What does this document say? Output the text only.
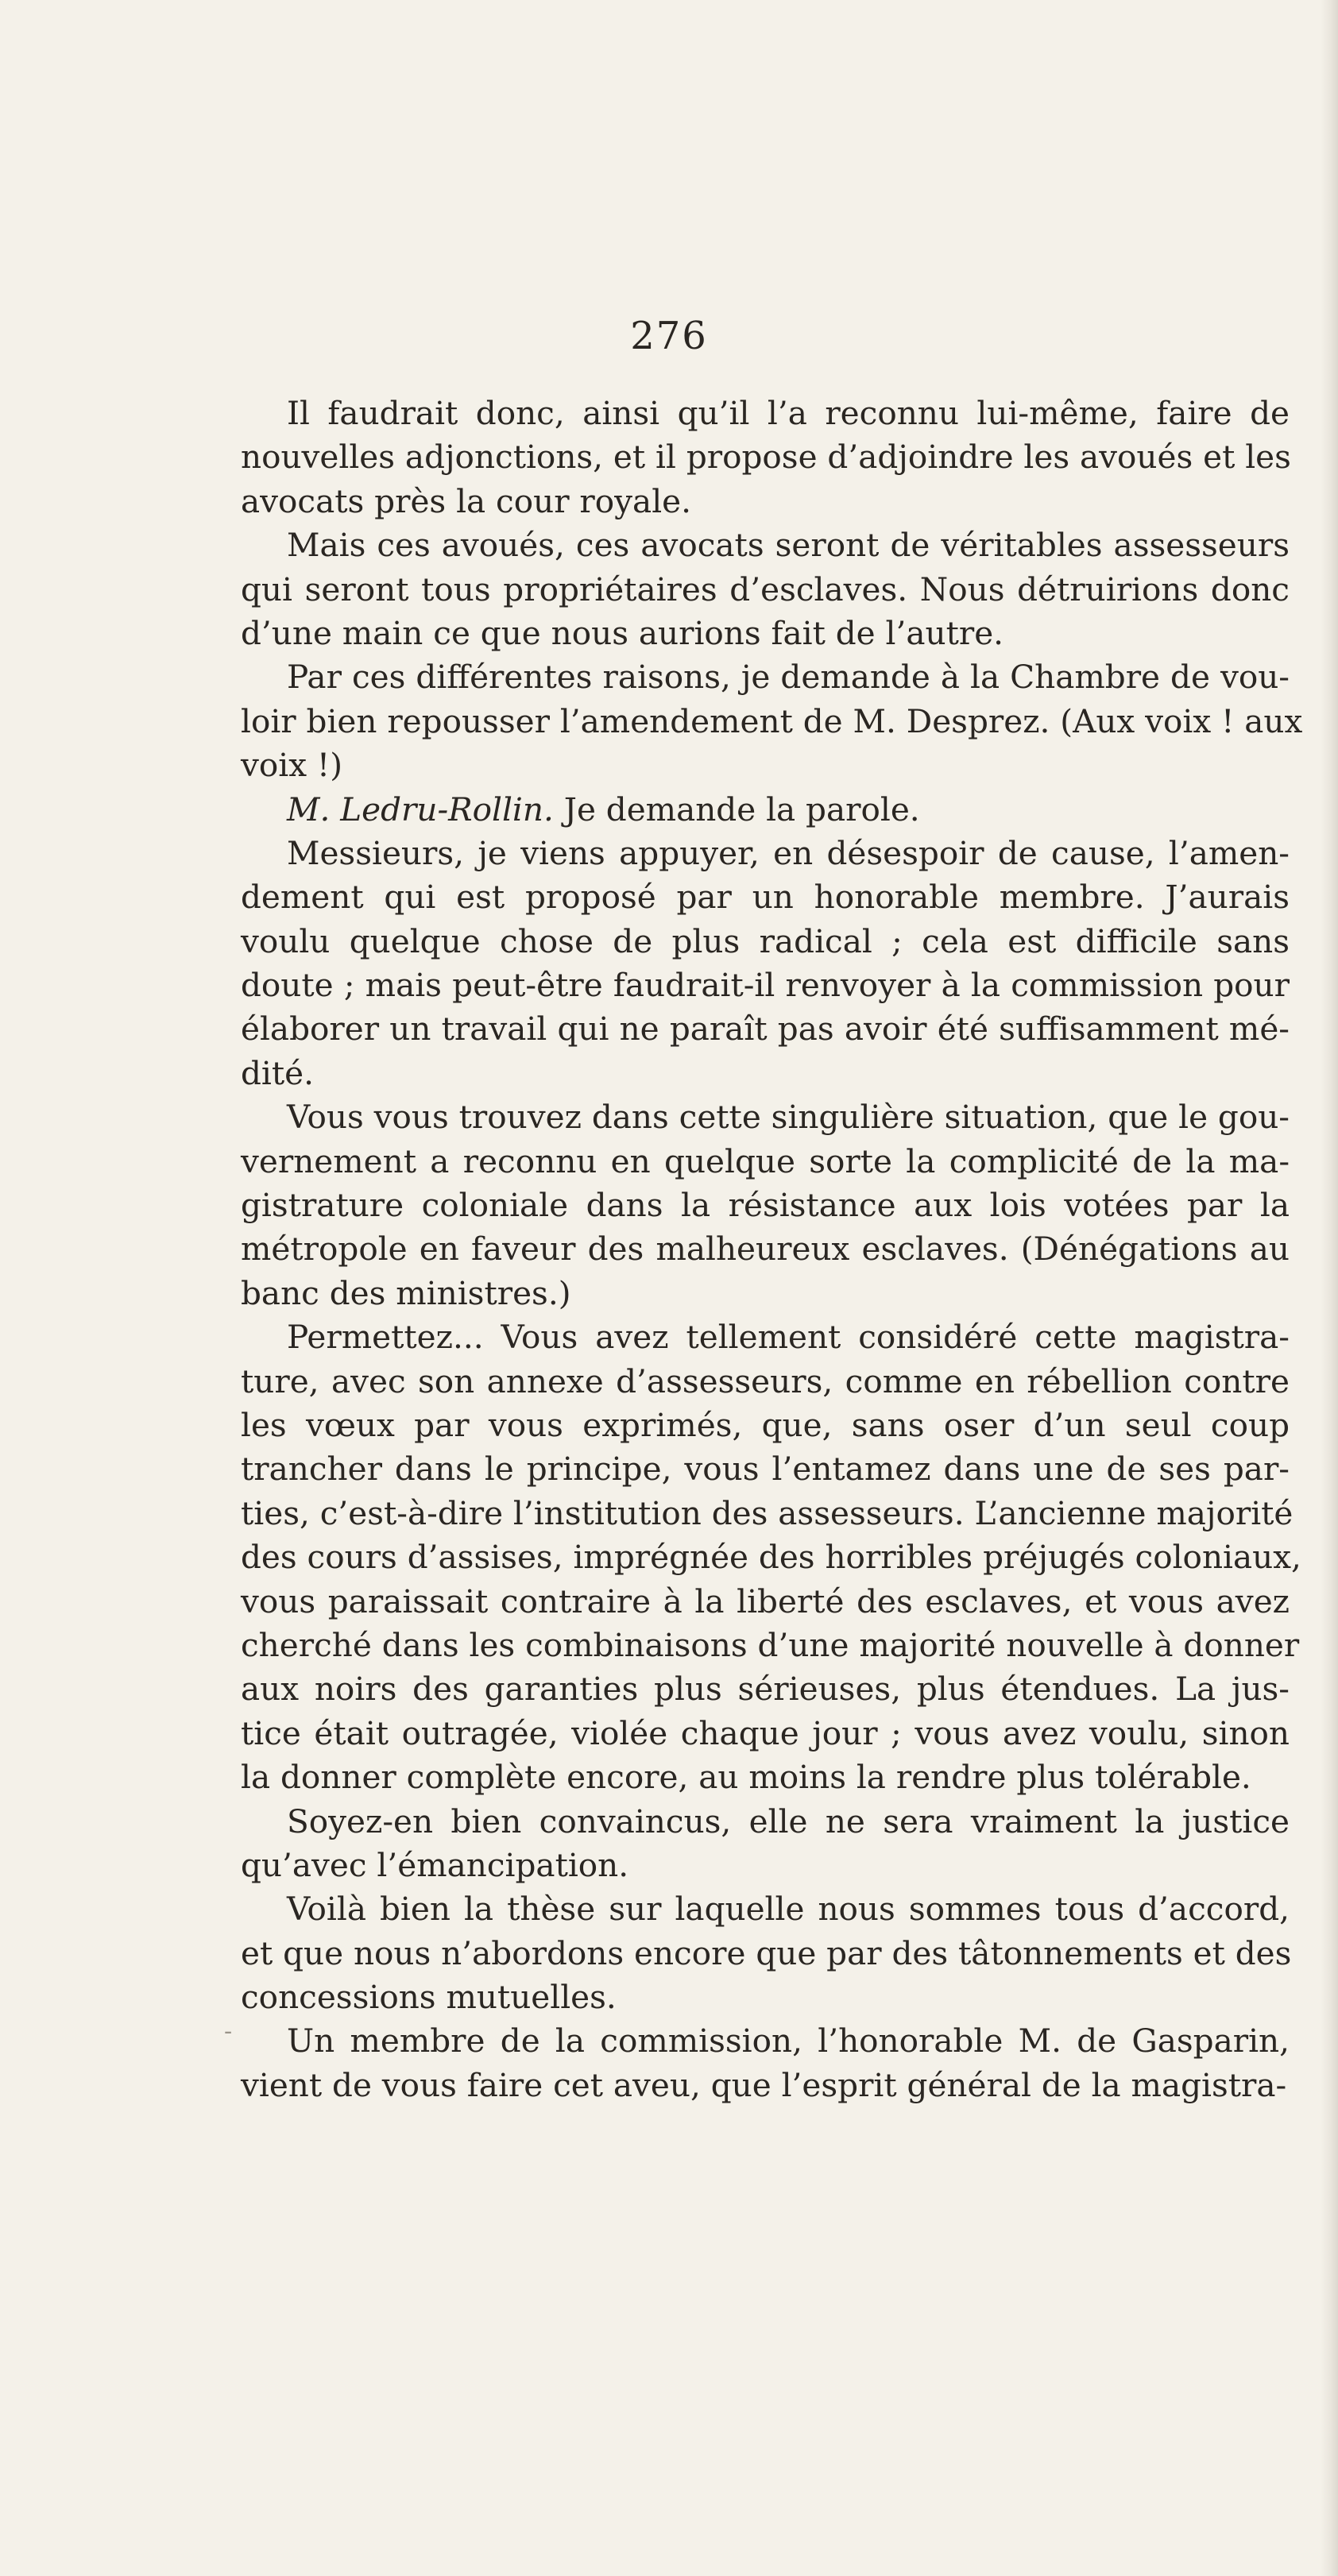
276
Il faudrait donc, ainsi qu’il l’a reconnu lui-même, faire de
nouvelles adjonctions, et il propose d’adjoindre les avoués et les
avocats près la cour royale.
Mais ces avoués, ces avocats seront de véritables assesseurs
qui seront tous propriétaires d’esclaves. Nous détruirions donc
d’une main ce que nous aurions fait de l’autre.
Par ces différentes raisons, je demande à la Chambre de vou-
loir bien repousser l’amendement de M. Desprez. (Aux voix ! aux
voix !)
M. Ledru-Rollin. Je demande la parole.
Messieurs, je viens appuyer, en désespoir de cause, l’amen-
dement qui est proposé par un honorable membre. J’aurais
voulu quelque chose de plus radical ; cela est difficile sans
doute ; mais peut-être faudrait-il renvoyer à la commission pour
élaborer un travail qui ne paraît pas avoir été suffisamment mé-
dité.
Vous vous trouvez dans cette singulière situation, que le gou-
vernement a reconnu en quelque sorte la complicité de la ma-
gistrature coloniale dans la résistance aux lois votées par la
métropole en faveur des malheureux esclaves. (Dénégations au
banc des ministres.)
Permettez... Vous avez tellement considéré cette magistra-
ture, avec son annexe d’assesseurs, comme en rébellion contre
les vœux par vous exprimés, que, sans oser d’un seul coup
trancher dans le principe, vous l’entamez dans une de ses par-
ties, c’est-à-dire l’institution des assesseurs. L’ancienne majorité
des cours d’assises, imprégnée des horribles préjugés coloniaux,
vous paraissait contraire à la liberté des esclaves, et vous avez
cherché dans les combinaisons d’une majorité nouvelle à donner
aux noirs des garanties plus sérieuses, plus étendues. La jus-
tice était outragée, violée chaque jour ; vous avez voulu, sinon
la donner complète encore, au moins la rendre plus tolérable.
Soyez-en bien convaincus, elle ne sera vraiment la justice
qu’avec l’émancipation.
Voilà bien la thèse sur laquelle nous sommes tous d’accord,
et que nous n’abordons encore que par des tâtonnements et des
concessions mutuelles.
Un membre de la commission, l’honorable M. de Gasparin,
vient de vous faire cet aveu, que l’esprit général de la magistra-
-
